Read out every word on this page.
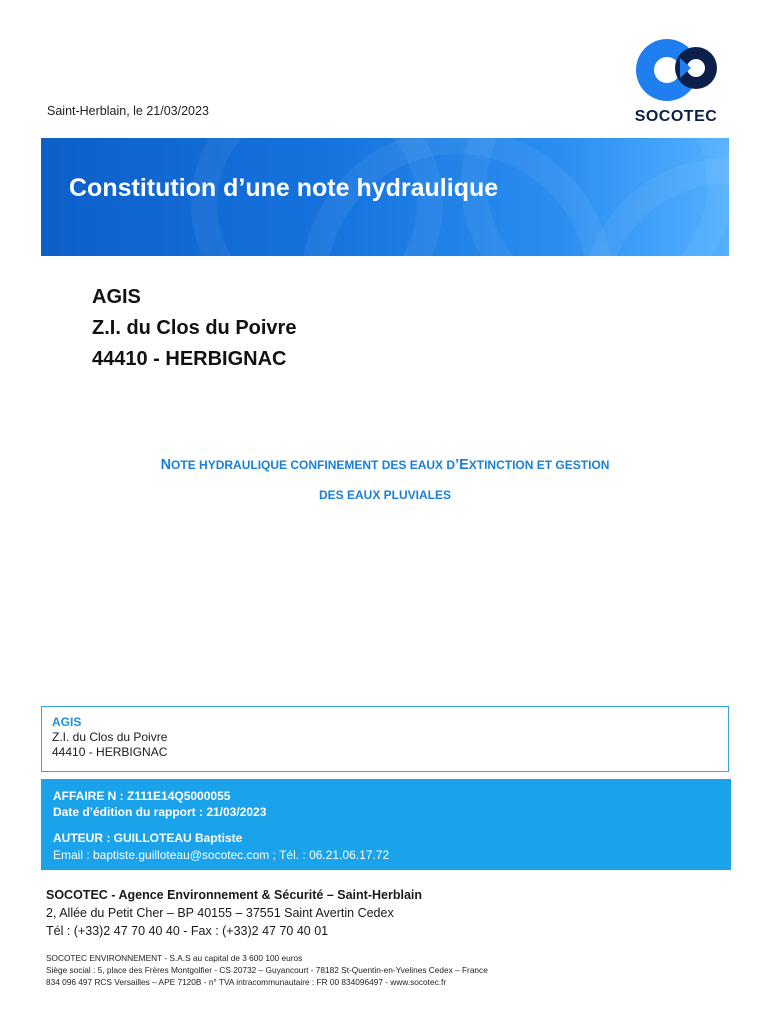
Saint-Herblain, le 21/03/2023	SOCOTEC
Constitution d’une note hydraulique
AGIS
Z.I. du Clos du Poivre
44410 - HERBIGNAC
NOTE HYDRAULIQUE CONFINEMENT DES EAUX D’EXTINCTION ET GESTION
DES EAUX PLUVIALES
AGIS
Z.I. du Clos du Poivre
44410 - HERBIGNAC
AFFAIRE N : Z111E14Q5000055
Date d’édition du rapport : 21/03/2023
AUTEUR : GUILLOTEAU Baptiste
Email : baptiste.guilloteau@socotec.com ; Tél. : 06.21.06.17.72
SOCOTEC - Agence Environnement & Sécurité – Saint-Herblain
2, Allée du Petit Cher – BP 40155 – 37551 Saint Avertin Cedex
Tél : (+33)2 47 70 40 40 - Fax : (+33)2 47 70 40 01
SOCOTEC ENVIRONNEMENT - S.A.S au capital de 3 600 100 euros
Siège social : 5, place des Frères Montgolfier - CS 20732 – Guyancourt - 78182 St-Quentin-en-Yvelines Cedex – France
834 096 497 RCS Versailles – APE 7120B - n° TVA intracommunautaire : FR 00 834096497 - www.socotec.fr
